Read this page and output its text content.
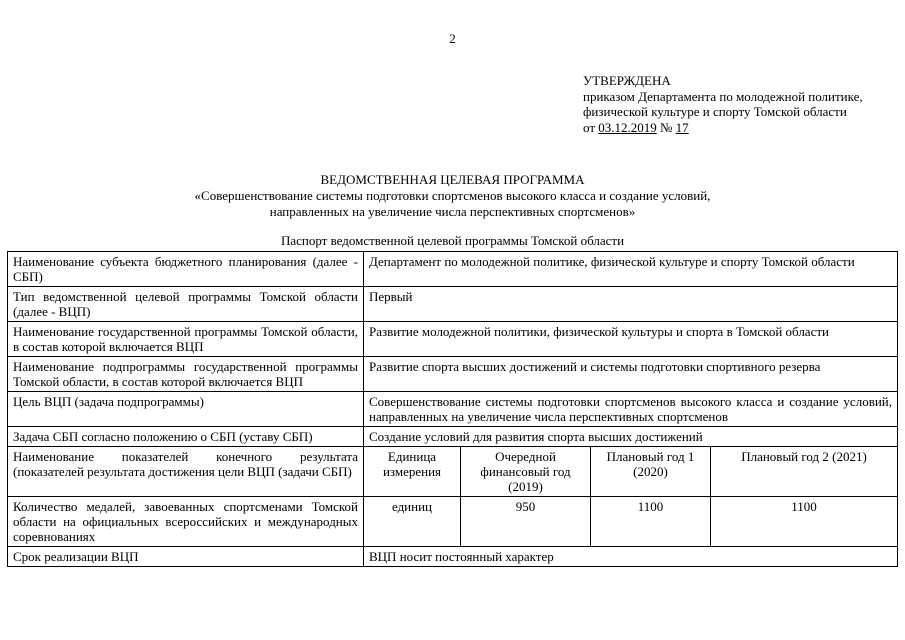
2
УТВЕРЖДЕНА
приказом Департамента по молодежной политике,
физической культуре и спорту Томской области
от 03.12.2019 № 17
ВЕДОМСТВЕННАЯ ЦЕЛЕВАЯ ПРОГРАММА
«Совершенствование системы подготовки спортсменов высокого класса и создание условий,
направленных на увеличение числа перспективных спортсменов»
Паспорт ведомственной целевой программы Томской области
Наименование субъекта бюджетного планирования (далее - СБП)	Департамент по молодежной политике, физической культуре и спорту Томской области			
Тип ведомственной целевой программы Томской области (далее - ВЦП)	Первый			
Наименование государственной программы Томской области, в состав которой включается ВЦП	Развитие молодежной политики, физической культуры и спорта в Томской области			
Наименование подпрограммы государственной программы Томской области, в состав которой включается ВЦП	Развитие спорта высших достижений и системы подготовки спортивного резерва			
Цель ВЦП (задача подпрограммы)	Совершенствование системы подготовки спортсменов высокого класса и создание условий, направленных на увеличение числа перспективных спортсменов			
Задача СБП согласно положению о СБП (уставу СБП)	Создание условий для развития спорта высших достижений			
Наименование показателей конечного результата (показателей результата достижения цели ВЦП (задачи СБП)	Единица измерения	Очередной финансовый год (2019)	Плановый год 1 (2020)	Плановый год 2 (2021)
Количество медалей, завоеванных спортсменами Томской области на официальных всероссийских и международных соревнованиях	единиц	950	1100	1100
Срок реализации ВЦП	ВЦП носит постоянный характер			
